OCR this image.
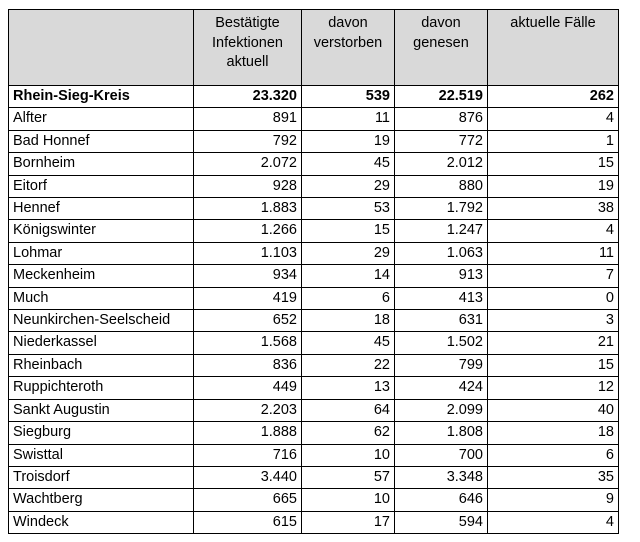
	Bestätigte Infektionen aktuell	davon verstorben	davon genesen	aktuelle Fälle
Rhein-Sieg-Kreis	23.320	539	22.519	262
Alfter	891	11	876	4
Bad Honnef	792	19	772	1
Bornheim	2.072	45	2.012	15
Eitorf	928	29	880	19
Hennef	1.883	53	1.792	38
Königswinter	1.266	15	1.247	4
Lohmar	1.103	29	1.063	11
Meckenheim	934	14	913	7
Much	419	6	413	0
Neunkirchen-Seelscheid	652	18	631	3
Niederkassel	1.568	45	1.502	21
Rheinbach	836	22	799	15
Ruppichteroth	449	13	424	12
Sankt Augustin	2.203	64	2.099	40
Siegburg	1.888	62	1.808	18
Swisttal	716	10	700	6
Troisdorf	3.440	57	3.348	35
Wachtberg	665	10	646	9
Windeck	615	17	594	4
